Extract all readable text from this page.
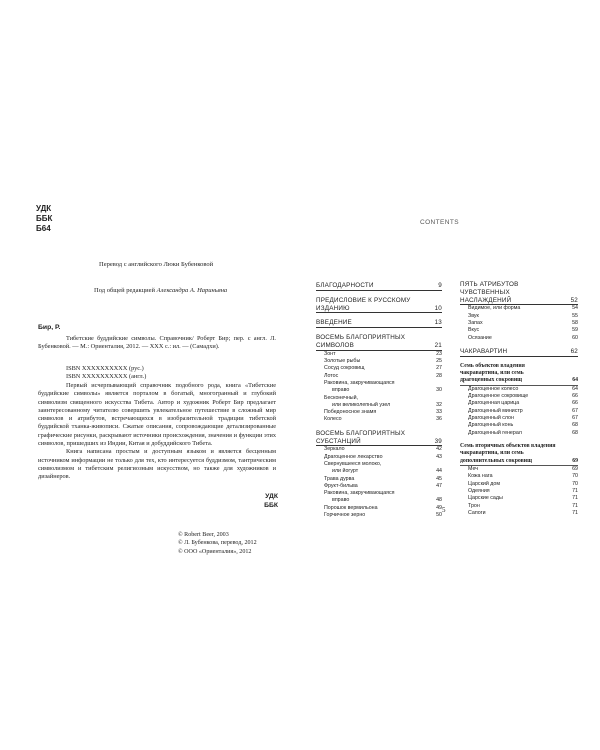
УДК
ББК
Б64
Перевод с английского Люки Бубенковой
Под общей редакцией Александра А. Нариньяна
Бир, Р.
Тибетские буддийские символы. Справочник/ Роберт Бир; пер. с англ. Л. Бубенковой. — М.: Ориенталия, 2012. — XXX с.: ил. — (Самадхи).
ISBN XXXXXXXXXX (рус.)
ISBN XXXXXXXXXX (англ.)

Первый исчерпывающий справочник подобного рода, книга «Тибетские буддийские символы» является порталом в богатый, многогранный и глубокий символизм священного искусства Тибета. Автор и художник Роберт Бир предлагает заинтересованному читателю совершить увлекательное путешествие в сложный мир символов и атрибутов, встречающихся в изобразительной традиции тибетской буддийской тханка-живописи. Сжатые описания, сопровождающие детализированные графические рисунки, раскрывают источники происхождения, значения и функции этих символов, пришедших из Индии, Китая и добуддийского Тибета.

Книга написана простым и доступным языком и является бесценным источником информации не только для тех, кто интересуется буддизмом, тантрическим символизмом и тибетским религиозным искусством, но также для художников и дизайнеров.

УДК
ББК
© Robert Beer, 2003
© Л. Бубенкова, перевод, 2012
© ООО «Ориенталия», 2012
CONTENTS
БЛАГОДАРНОСТИ	9
ПРЕДИСЛОВИЕ К РУССКОМУ
ИЗДАНИЮ	10
ВВЕДЕНИЕ	13
ВОСЕМЬ БЛАГОПРИЯТНЫХ
СИМВОЛОВ	21
Зонт	23
Золотые рыбы	25
Сосуд сокровищ	27
Лотос	28
Раковина, закручивающаяся
вправо	30
Бесконечный,
или великолепный узел	32
Победоносное знамя	33
Колесо	36
ВОСЕМЬ БЛАГОПРИЯТНЫХ
СУБСТАНЦИЙ	39
Зеркало	42
Драгоценное лекарство	43
Свернувшееся молоко,
или йогурт	44
Трава дурва	45
Фрукт-бильва	47
Раковина, закручивающаяся
вправо	48
Порошок вермильона	49
Горчичное зерно	50
ПЯТЬ АТРИБУТОВ
ЧУВСТВЕННЫХ
НАСЛАЖДЕНИЙ	52
Видимое, или форма	54
Звук	55
Запах	58
Вкус	59
Осязание	60
ЧАКРАВАРТИН	62
Семь объектов владения
чакравартина, или семь
драгоценных сокровищ	64
Драгоценное колесо	64
Драгоценное сокровище	66
Драгоценная царица	66
Драгоценный министр	67
Драгоценный слон	67
Драгоценный конь	68
Драгоценный генерал	68
Семь вторичных объектов владения
чакравартина, или семь
дополнительных сокровищ	69
Меч	69
Кожа нага	70
Царский дом	70
Одеяния	71
Царские сады	71
Трон	71
Сапоги	71
5
